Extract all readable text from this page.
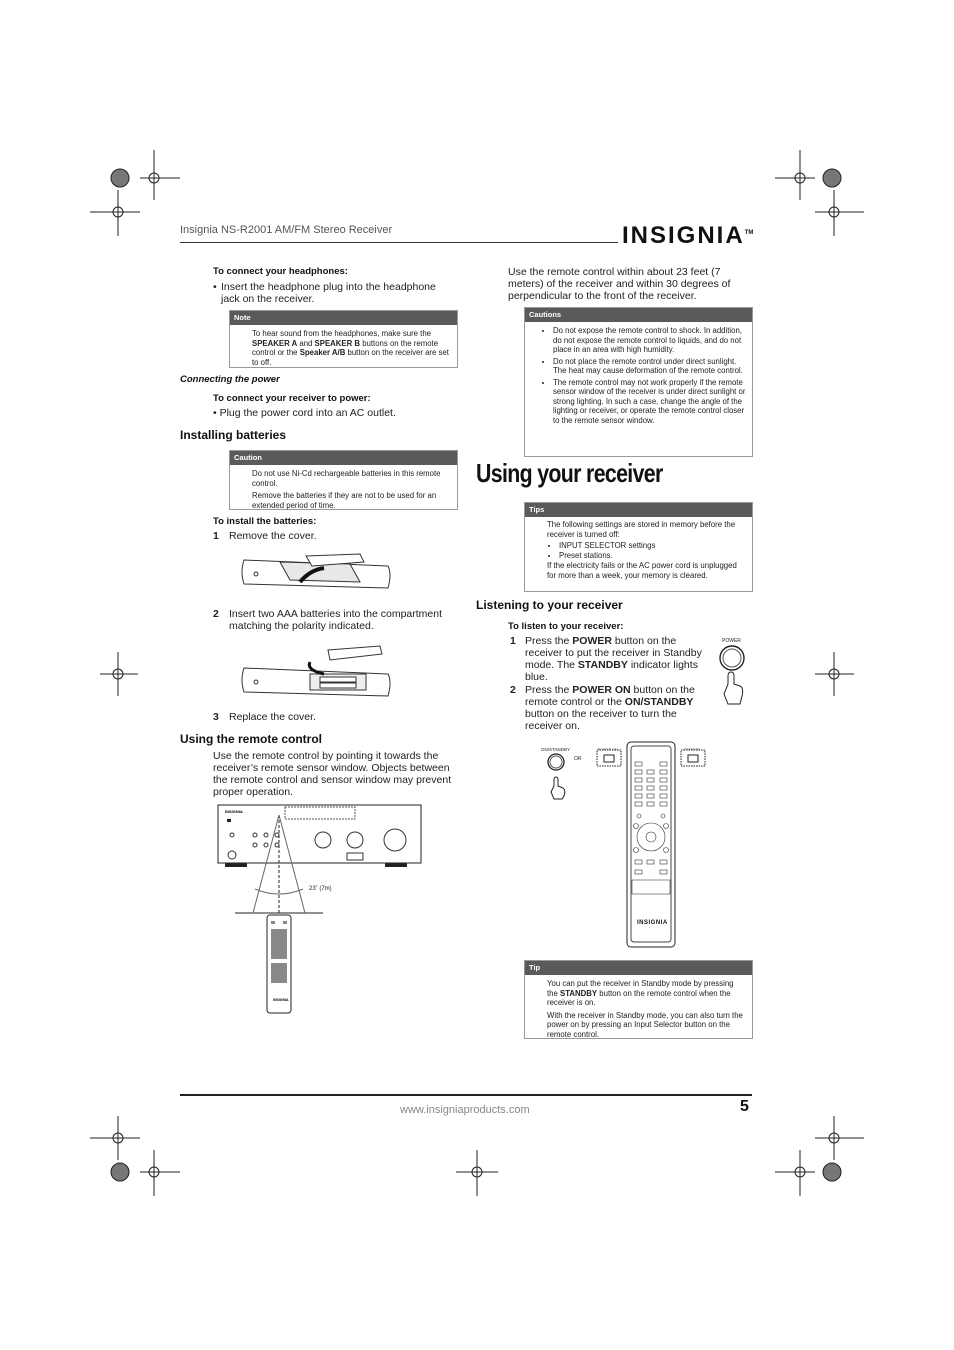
Insignia NS-R2001 AM/FM Stereo Receiver	INSIGNIA™
To connect your headphones:
• Insert the headphone plug into the headphone jack on the receiver.
Note
To hear sound from the headphones, make sure the SPEAKER A and SPEAKER B buttons on the remote control or the Speaker A/B button on the receiver are set to off.
Connecting the power
To connect your receiver to power:
• Plug the power cord into an AC outlet.
Installing batteries
Caution

Do not use Ni-Cd rechargeable batteries in this remote control.

Remove the batteries if they are not to be used for an extended period of time.

To install the batteries:
1 Remove the cover.
2 Insert two AAA batteries into the compartment matching the polarity indicated.
3 Replace the cover.
Using the remote control
Use the remote control by pointing it towards the receiver’s remote sensor window. Objects between the remote control and sensor window may prevent proper operation.
INSIGNIA
INSIGNIA
23˚ (7m)
Use the remote control within about 23 feet (7 meters) of the receiver and within 30 degrees of perpendicular to the front of the receiver.
Cautions
• Do not expose the remote control to shock. In addition, do not expose the remote control to liquids, and do not place in an area with high humidity.
• Do not place the remote control under direct sunlight. The heat may cause deformation of the remote control.
• The remote control may not work properly if the remote sensor window of the receiver is under direct sunlight or strong lighting. In such a case, change the angle of the lighting or receiver, or operate the remote control closer to the remote sensor window.
Using your receiver
Tips

The following settings are stored in memory before the receiver is turned off:

• INPUT SELECTOR settings
• Preset stations.

If the electricity fails or the AC power cord is unplugged for more than a week, your memory is cleared.

Listening to your receiver
To listen to your receiver:
1 Press the POWER button on the receiver to put the receiver in Standby mode. The STANDBY indicator lights blue.
2 Press the POWER ON button on the remote control or the ON/STANDBY button on the receiver to turn the receiver on.
POWER
ON/STANDBY
OR
INSIGNIA
Tip

You can put the receiver in Standby mode by pressing the STANDBY button on the remote control when the receiver is on.

With the receiver in Standby mode, you can also turn the power on by pressing an Input Selector button on the remote control.

www.insigniaproducts.com	5
